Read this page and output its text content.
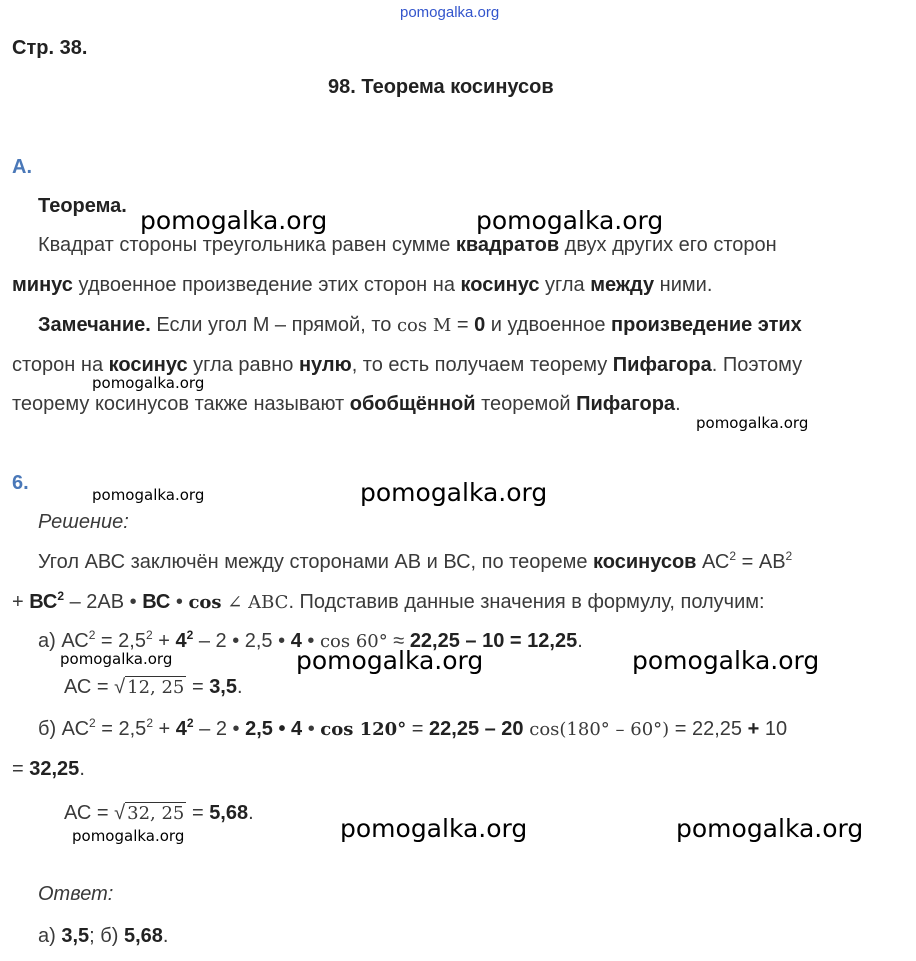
pomogalka.org
Стр. 38.
98. Теорема косинусов
А.
6.
Теорема.
Квадрат стороны треугольника равен сумме квадратов двух других его сторон
минус удвоенное произведение этих сторон на косинус угла между ними.
Замечание. Если угол М – прямой, то cos M = 0 и удвоенное произведение этих
сторон на косинус угла равно нулю, то есть получаем теорему Пифагора. Поэтому
теорему косинусов также называют обобщённой теоремой Пифагора.
Решение:
Угол АВС заключён между сторонами АВ и ВС, по теореме косинусов $АС^2 = АВ^2$
+ $ВС^2 - 2АВ$ • ВС • cos ∠ ABC. Подставив данные значения в формулу, получим:
а) $АС^2 = 2,5^2 + 4^2 - 2$ • 2,5 • 4 • cos 60° ≈ 22,25 – 10 = 12,25.
АС = √ 12, 25 = 3,5.
б) $АС^2 = 2,5^2 + 4^2 - 2$ • 2,5 • 4 • cos 120° = 22,25 – 20 cos(180° – 60°) = 22,25 + 10
= 32,25.
АС = √ 32, 25 = 5,68.
Ответ:
а) 3,5; б) 5,68.
pomogalka.org	pomogalka.org
pomogalka.org
pomogalka.org
pomogalka.org	pomogalka.org
pomogalka.org	pomogalka.org	pomogalka.org
pomogalka.org	pomogalka.org	pomogalka.org
